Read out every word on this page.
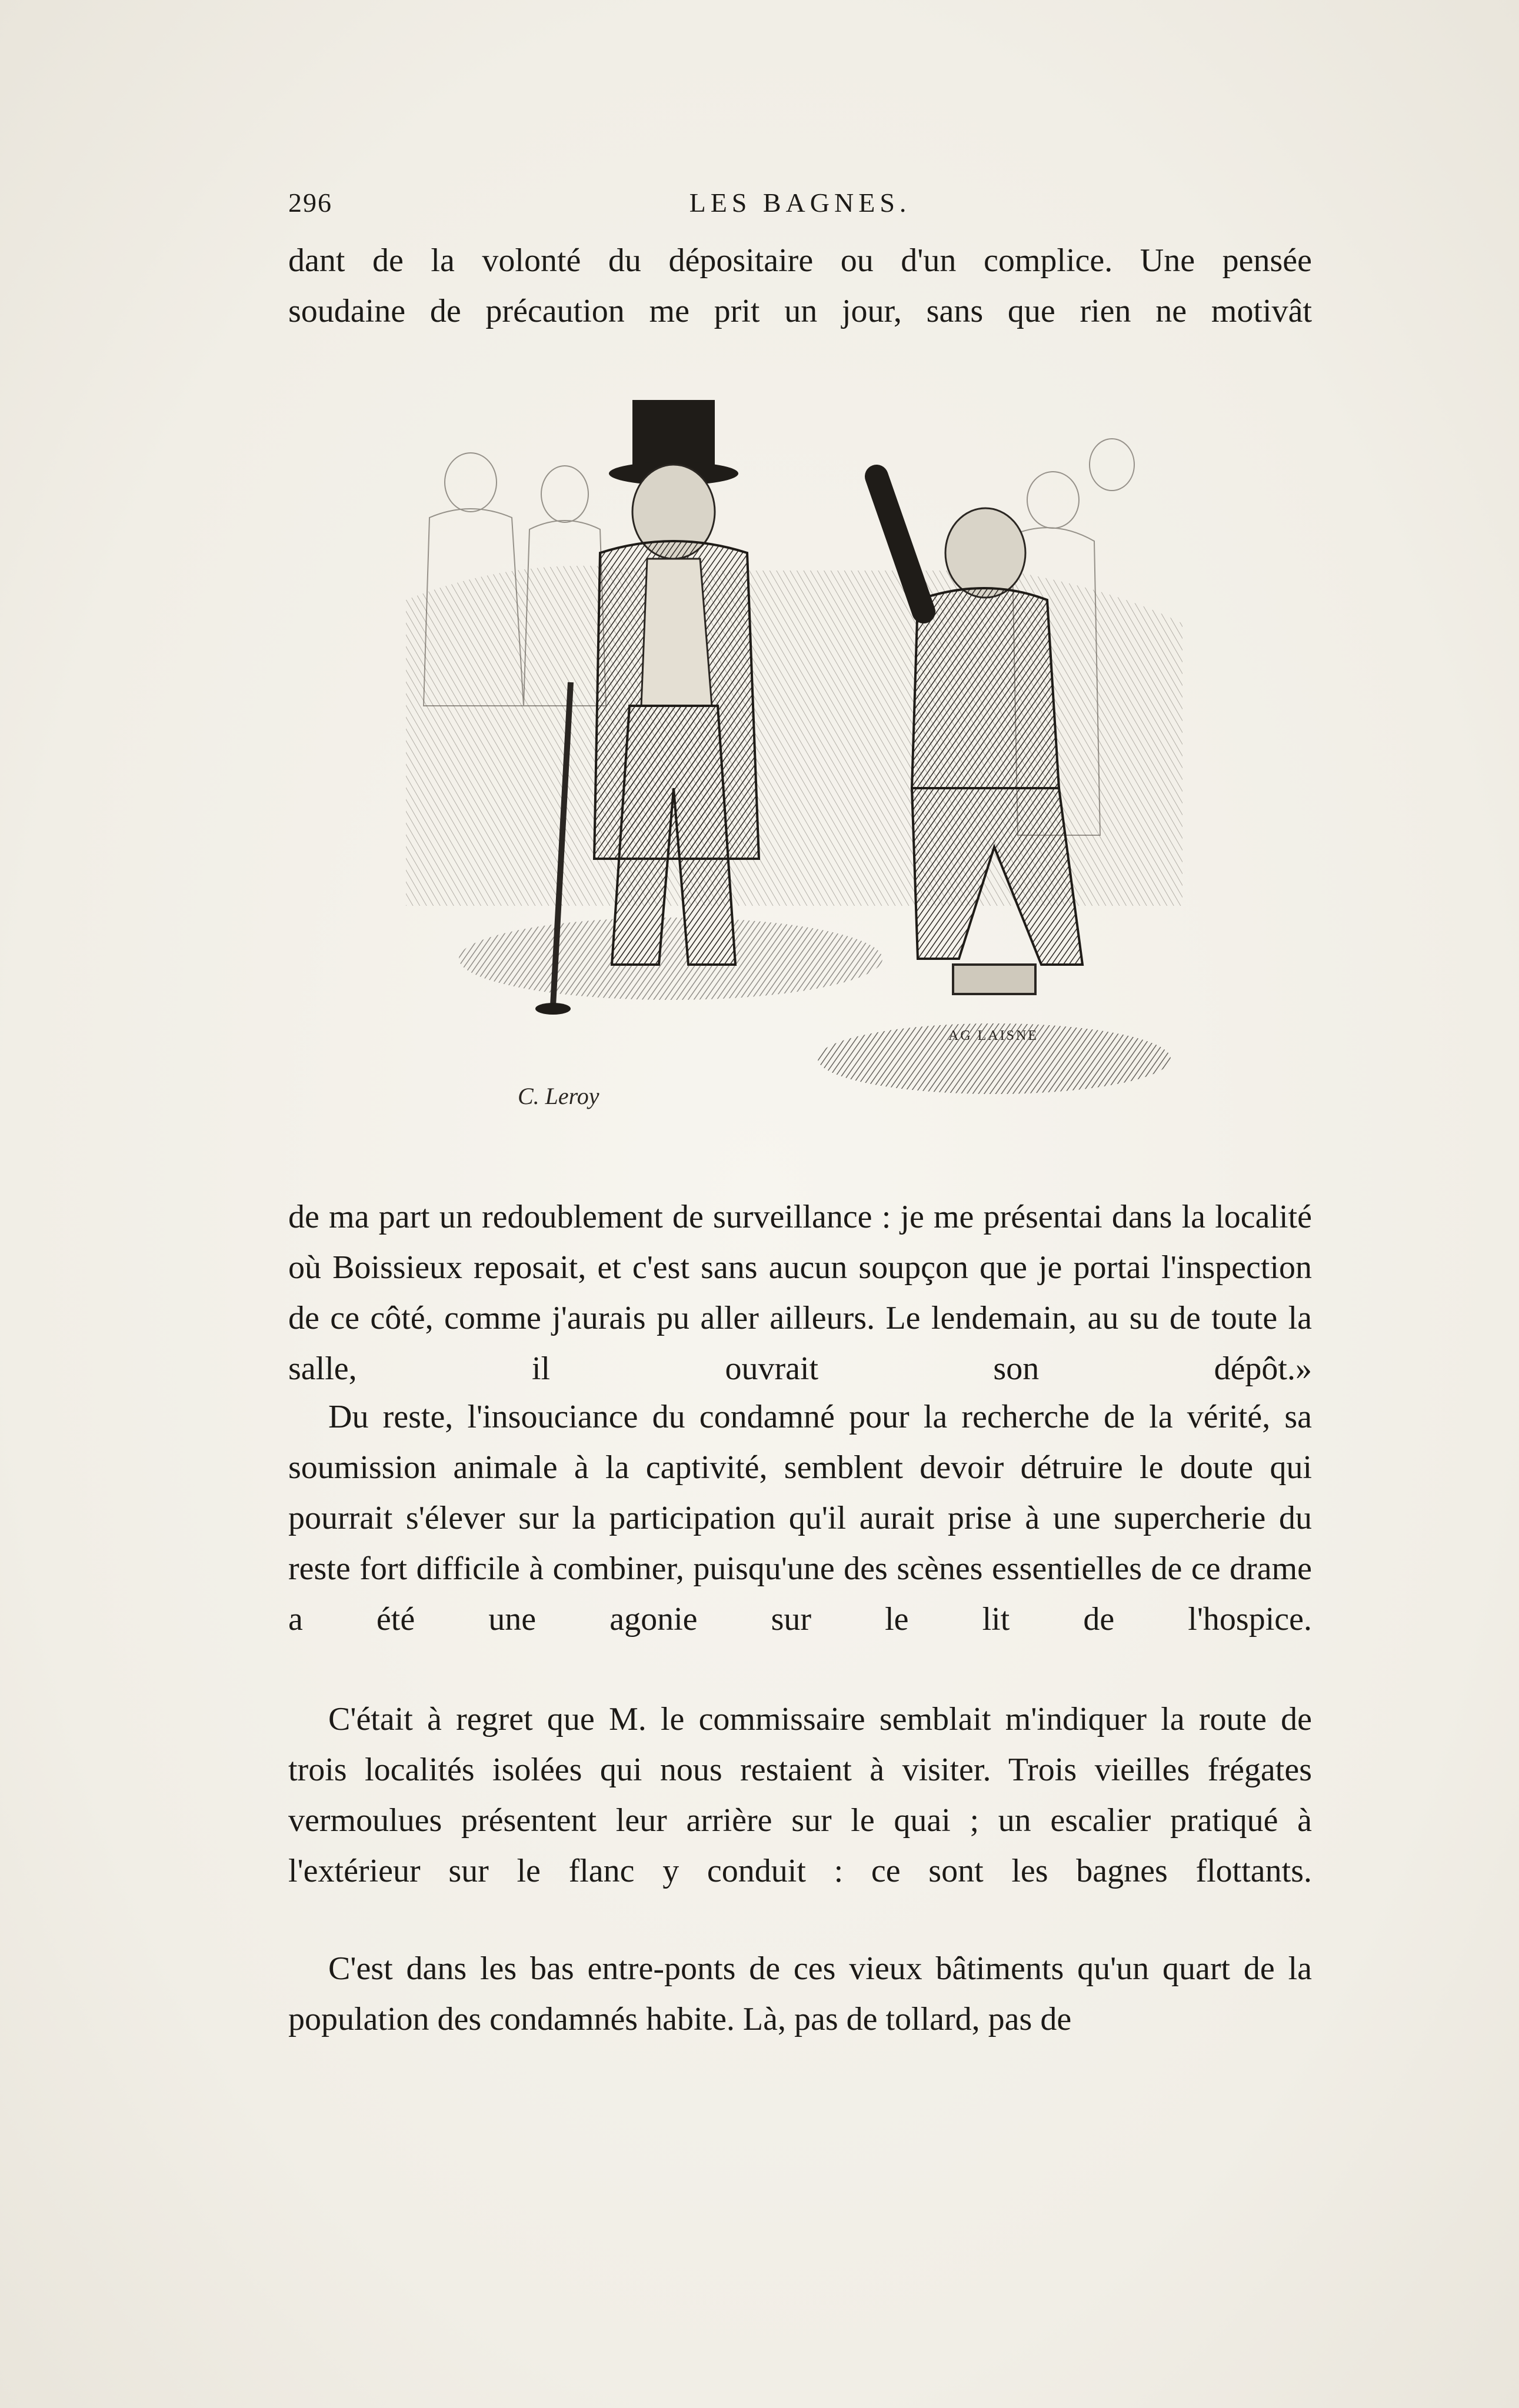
296	LES BAGNES.
dant de la volonté du dépositaire ou d'un complice. Une pensée
soudaine de précaution me prit un jour, sans que rien ne motivât
C. Leroy
AG LAISNE
de ma part un redoublement de surveillance : je me présentai dans la localité où Boissieux reposait, et c'est sans aucun soupçon que je portai l'inspection de ce côté, comme j'aurais pu aller ailleurs. Le lendemain, au su de toute la salle, il ouvrait son dépôt.»
Du reste, l'insouciance du condamné pour la recherche de la vérité, sa soumission animale à la captivité, semblent devoir détruire le doute qui pourrait s'élever sur la participation qu'il aurait prise à une supercherie du reste fort difficile à combiner, puisqu'une des scènes essentielles de ce drame a été une agonie sur le lit de l'hospice.
C'était à regret que M. le commissaire semblait m'indiquer la route de trois localités isolées qui nous restaient à visiter. Trois vieilles frégates vermoulues présentent leur arrière sur le quai ; un escalier pratiqué à l'extérieur sur le flanc y conduit : ce sont les bagnes flottants.
C'est dans les bas entre-ponts de ces vieux bâtiments qu'un quart de la population des condamnés habite. Là, pas de tollard, pas de
